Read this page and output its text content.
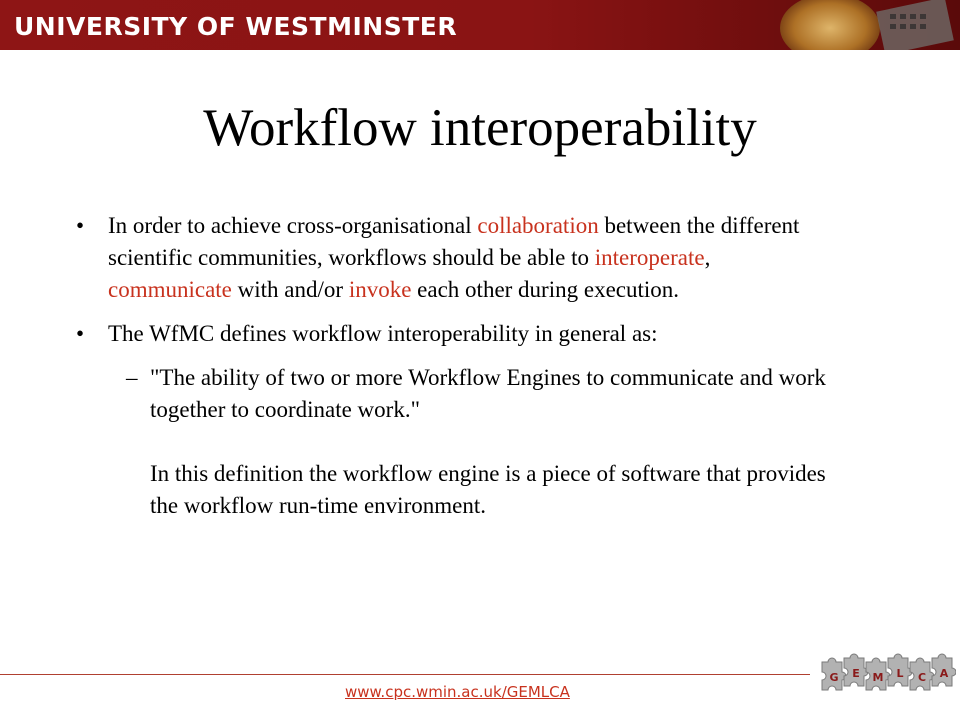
UNIVERSITY OF WESTMINSTER
Workflow interoperability
• In order to achieve cross-organisational collaboration between the different scientific communities, workflows should be able to interoperate, communicate with and/or invoke each other during execution.
• The WfMC defines workflow interoperability in general as:
– "The ability of two or more Workflow Engines to communicate and work together to coordinate work."
In this definition the workflow engine is a piece of software that provides the workflow run-time environment.
www.cpc.wmin.ac.uk/GEMLCA
G E M L C A
